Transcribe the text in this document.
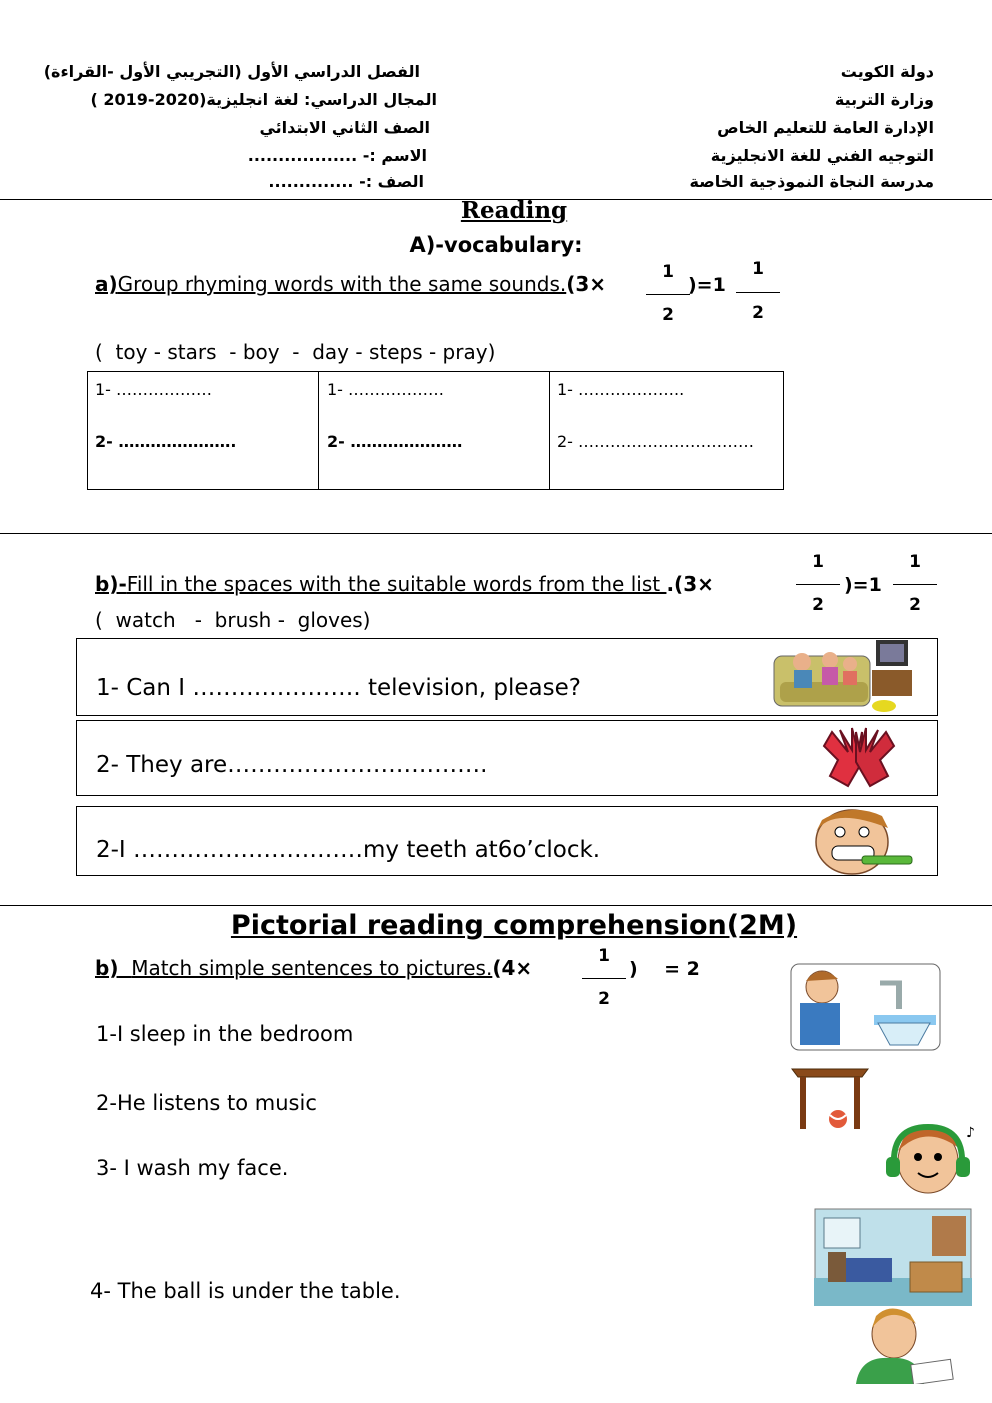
دولة الكويت
وزارة التربية
الإدارة العامة للتعليم الخاص
التوجيه الفني للغة الانجليزية
مدرسة النجاة النموذجية الخاصة
الفصل الدراسي الأول (التجريبي الأول -القراءة)
المجال الدراسي: لغة انجليزية(2020-2019 )
الصف الثاني الابتدائي
الاسم :- ..................
الصف :- ..............
Reading
A)-vocabulary:
a)Group rhyming words with the same sounds.(3×	1
2
)=1
1
2
(  toy - stars  - boy  -  day - steps - pray)
1- ………………
2- ………………….
1- ………………
2- …………………
1- ………………..
2- ……………………………
b)-Fill in the spaces with the suitable words from the list .(3×
1
2
)=1
1
2
(  watch   -  brush -  gloves)
1- Can I …………………. television, please?
2- They are…………………………….
2-I …………………………my teeth at6o’clock.
Pictorial reading comprehension(2M)
b) Match simple sentences to pictures.(4×	1
2
)    = 2
1-I sleep in the bedroom
2-He listens to music
3- I wash my face.
4- The ball is under the table.
♪
